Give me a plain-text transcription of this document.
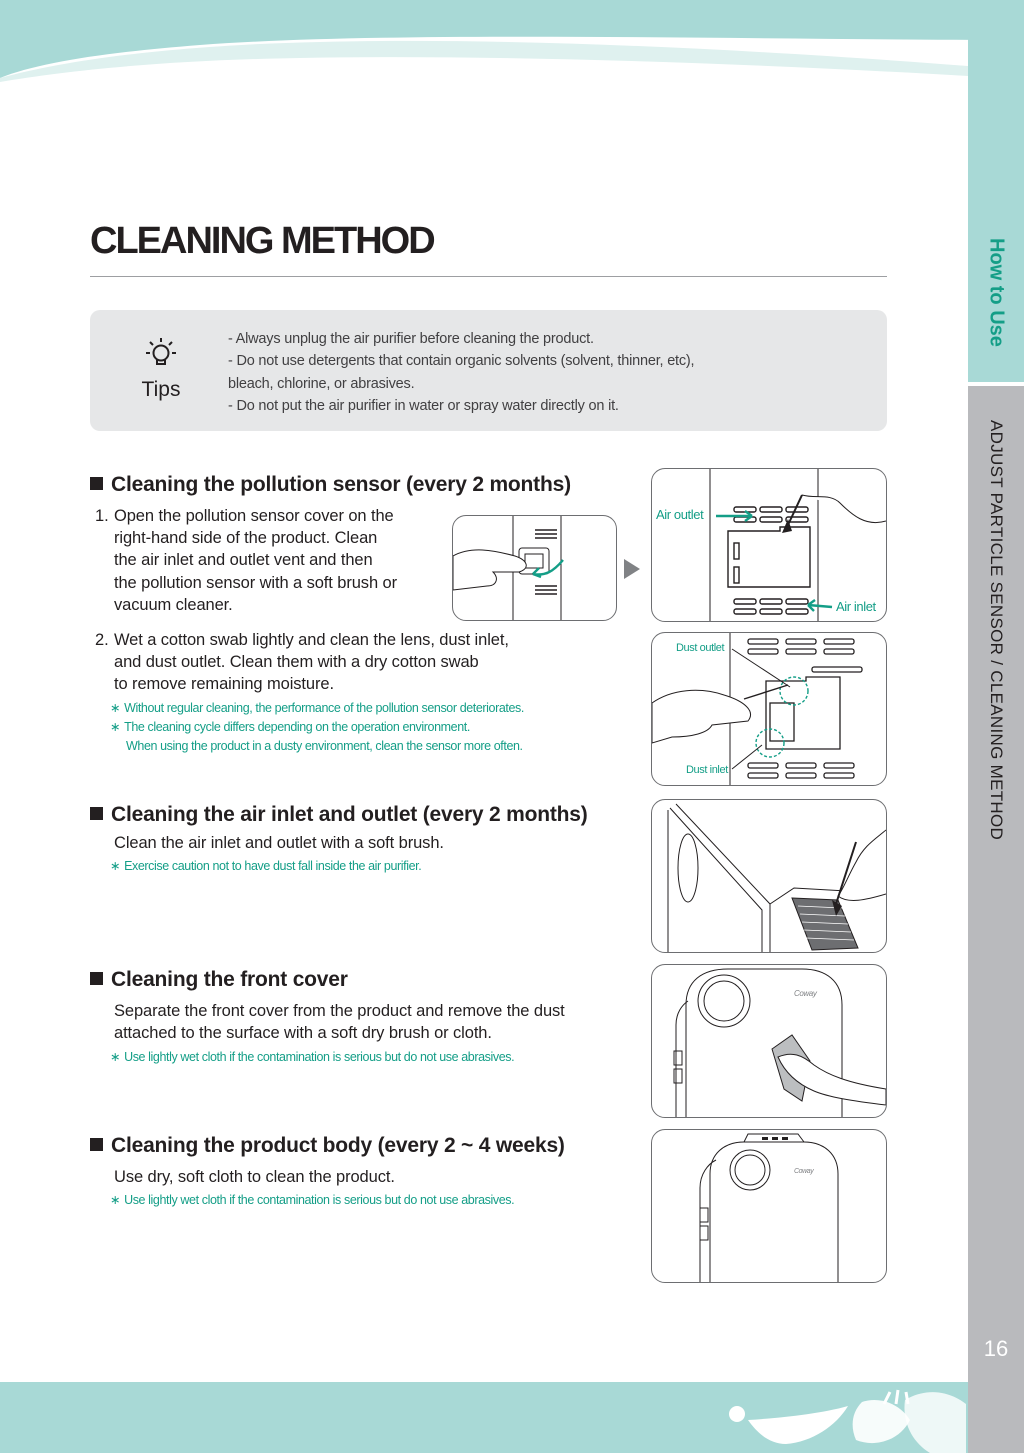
How to Use
ADJUST PARTICLE SENSOR / CLEANING METHOD
16
CLEANING METHOD
Tips
- Always unplug the air purifier before cleaning the product.
- Do not use detergents that contain organic solvents (solvent, thinner, etc),
bleach, chlorine, or abrasives.
- Do not put the air purifier in water or spray water directly on it.
Cleaning the pollution sensor (every 2 months)
1. Open the pollution sensor cover on the
right-hand side of the product. Clean
the air inlet and outlet vent and then
the pollution sensor with a soft brush or
vacuum cleaner.
Air outlet
Air inlet
2. Wet a cotton swab lightly and clean the lens, dust inlet,
and dust outlet. Clean them with a dry cotton swab
to remove remaining moisture.
∗ Without regular cleaning, the performance of the pollution sensor deteriorates.
∗ The cleaning cycle differs depending on the operation environment.
When using the product in a dusty environment, clean the sensor more often.
Dust outlet
Dust inlet
Cleaning the air inlet and outlet (every 2 months)
Clean the air inlet and outlet with a soft brush.
∗ Exercise caution not to have dust fall inside the air purifier.
Cleaning the front cover
Separate the front cover from the product and remove the dust
attached to the surface with a soft dry brush or cloth.
∗ Use lightly wet cloth if the contamination is serious but do not use abrasives.
Coway
Cleaning the product body (every 2 ~ 4 weeks)
Use dry, soft cloth to clean the product.
∗ Use lightly wet cloth if the contamination is serious but do not use abrasives.
Coway
